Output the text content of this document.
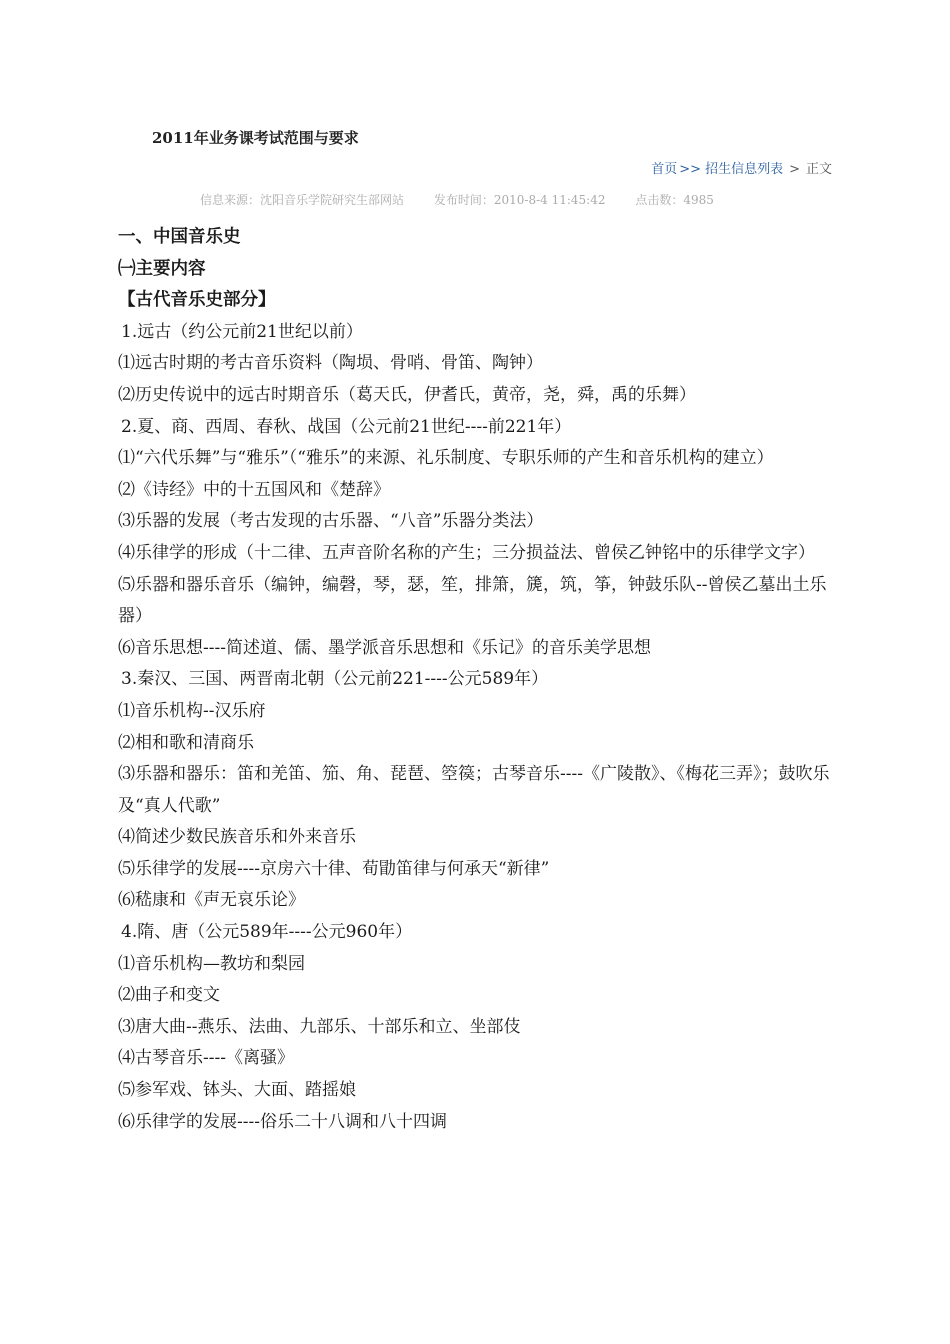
2011年业务课考试范围与要求
首页 >> 招生信息列表 > 正文
信息来源：沈阳音乐学院研究生部网站 发布时间：2010-8-4 11:45:42 点击数：4985

一、中国音乐史

㈠主要内容

【古代音乐史部分】

1.远古（约公元前21世纪以前）

⑴远古时期的考古音乐资料（陶埙、骨哨、骨笛、陶钟）

⑵历史传说中的远古时期音乐（葛天氏，伊耆氏，黄帝，尧，舜，禹的乐舞）

2.夏、商、西周、春秋、战国（公元前21世纪----前221年）

⑴“六代乐舞”与“雅乐”（“雅乐”的来源、礼乐制度、专职乐师的产生和音乐机构的建立）

⑵《诗经》中的十五国风和《楚辞》

⑶乐器的发展（考古发现的古乐器、“八音”乐器分类法）

⑷乐律学的形成（十二律、五声音阶名称的产生；三分损益法、曾侯乙钟铭中的乐律学文字）

⑸乐器和器乐音乐（编钟，编磬，琴，瑟，笙，排箫，篪，筑，筝，钟鼓乐队--曾侯乙墓出土乐器）

⑹音乐思想----简述道、儒、墨学派音乐思想和《乐记》的音乐美学思想

3.秦汉、三国、两晋南北朝（公元前221----公元589年）

⑴音乐机构--汉乐府

⑵相和歌和清商乐

⑶乐器和器乐：笛和羌笛、笳、角、琵琶、箜篌；古琴音乐----《广陵散》、《梅花三弄》；鼓吹乐及“真人代歌”

⑷简述少数民族音乐和外来音乐

⑸乐律学的发展----京房六十律、荀勖笛律与何承天“新律”

⑹嵇康和《声无哀乐论》

4.隋、唐（公元589年----公元960年）

⑴音乐机构—教坊和梨园

⑵曲子和变文

⑶唐大曲--燕乐、法曲、九部乐、十部乐和立、坐部伎

⑷古琴音乐----《离骚》

⑸参军戏、钵头、大面、踏摇娘

⑹乐律学的发展----俗乐二十八调和八十四调
